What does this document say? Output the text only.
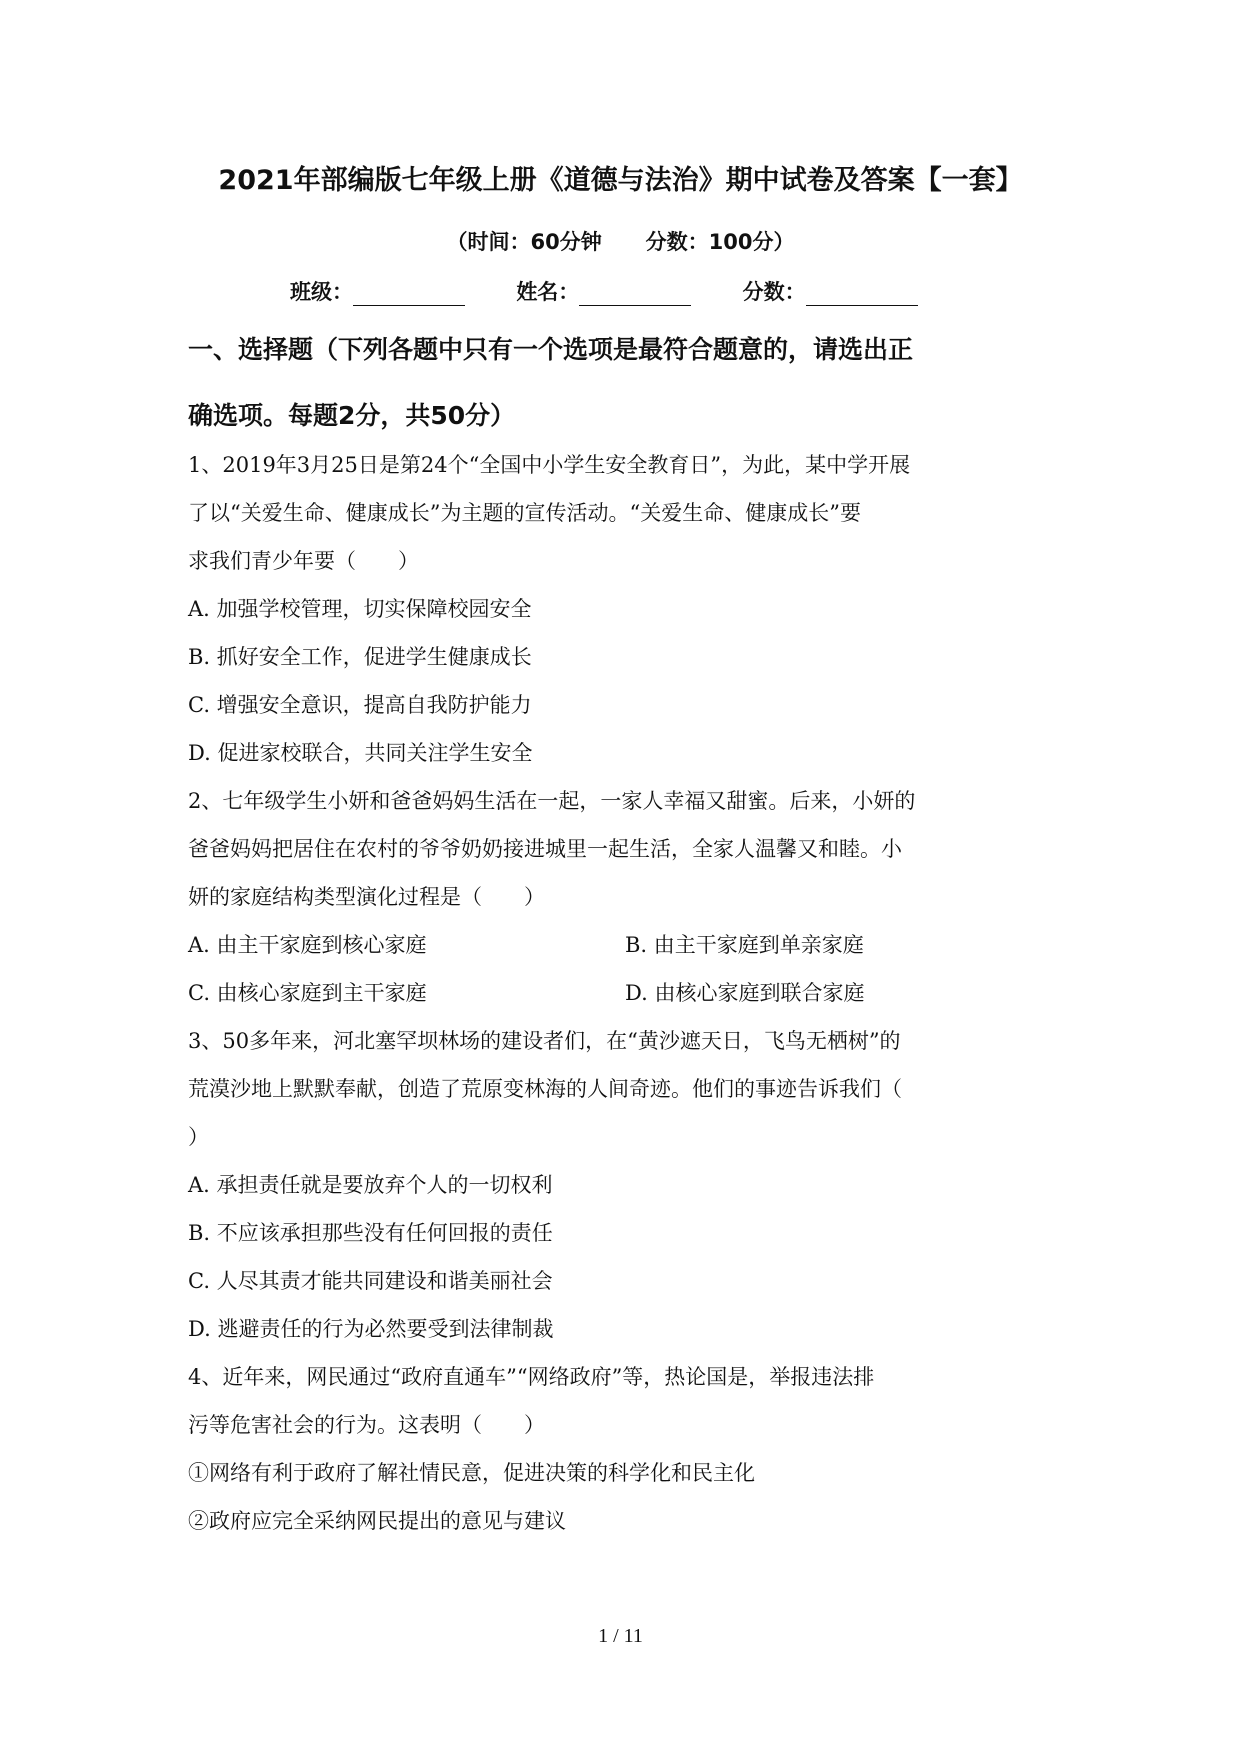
2021年部编版七年级上册《道德与法治》期中试卷及答案【一套】
（时间：60分钟      分数：100分）
班级：	姓名：	分数：
一、选择题（下列各题中只有一个选项是最符合题意的，请选出正
确选项。每题2分，共50分）
1、2019年3月25日是第24个“全国中小学生安全教育日”，为此，某中学开展
了以“关爱生命、健康成长”为主题的宣传活动。“关爱生命、健康成长”要
求我们青少年要（　　）
A. 加强学校管理，切实保障校园安全
B. 抓好安全工作，促进学生健康成长
C. 增强安全意识，提高自我防护能力
D. 促进家校联合，共同关注学生安全
2、七年级学生小妍和爸爸妈妈生活在一起，一家人幸福又甜蜜。后来，小妍的
爸爸妈妈把居住在农村的爷爷奶奶接进城里一起生活，全家人温馨又和睦。小
妍的家庭结构类型演化过程是（　　）
A. 由主干家庭到核心家庭	B. 由主干家庭到单亲家庭
C. 由核心家庭到主干家庭	D. 由核心家庭到联合家庭
3、50多年来，河北塞罕坝林场的建设者们，在“黄沙遮天日，飞鸟无栖树”的
荒漠沙地上默默奉献，创造了荒原变林海的人间奇迹。他们的事迹告诉我们（
）
A. 承担责任就是要放弃个人的一切权利
B. 不应该承担那些没有任何回报的责任
C. 人尽其责才能共同建设和谐美丽社会
D. 逃避责任的行为必然要受到法律制裁
4、近年来，网民通过“政府直通车”“网络政府”等，热论国是，举报违法排
污等危害社会的行为。这表明（　　）
①网络有利于政府了解社情民意，促进决策的科学化和民主化
②政府应完全采纳网民提出的意见与建议
1 / 11
